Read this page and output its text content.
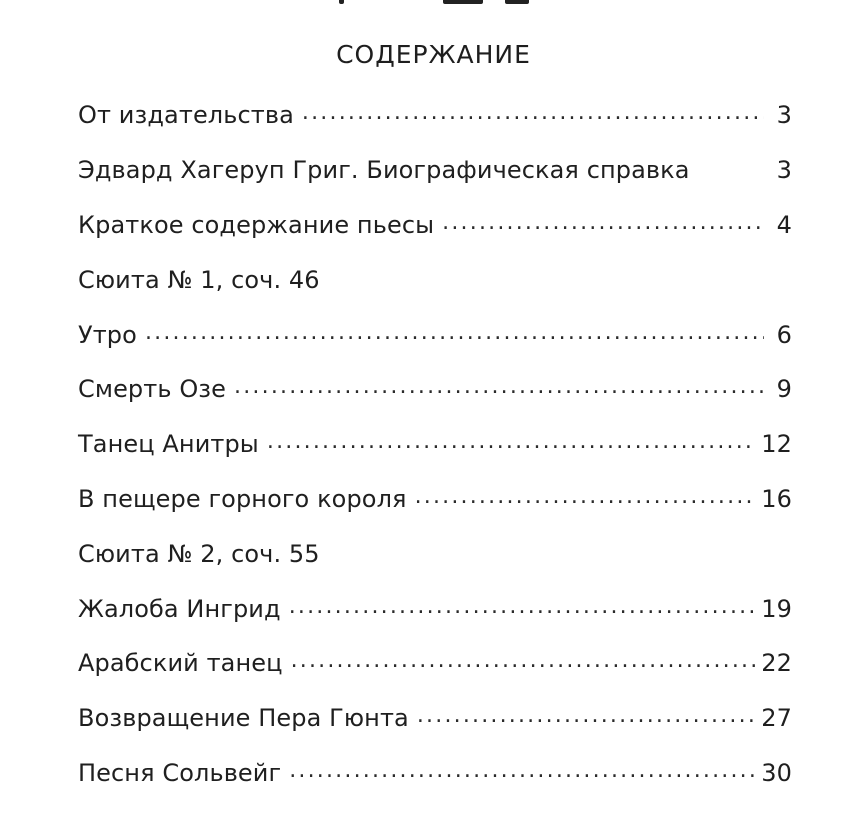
СОДЕРЖАНИЕ
От издательства .....	3
Эдвард Хагеруп Григ. Биографическая справка	3
Краткое содержание пьесы .....	4
Сюита № 1, соч. 46
Утро .....	6
Смерть Озе .....	9
Танец Анитры .....	12
В пещере горного короля .....	16
Сюита № 2, соч. 55
Жалоба Ингрид .....	19
Арабский танец .....	22
Возвращение Пера Гюнта .....	27
Песня Сольвейг .....	30
